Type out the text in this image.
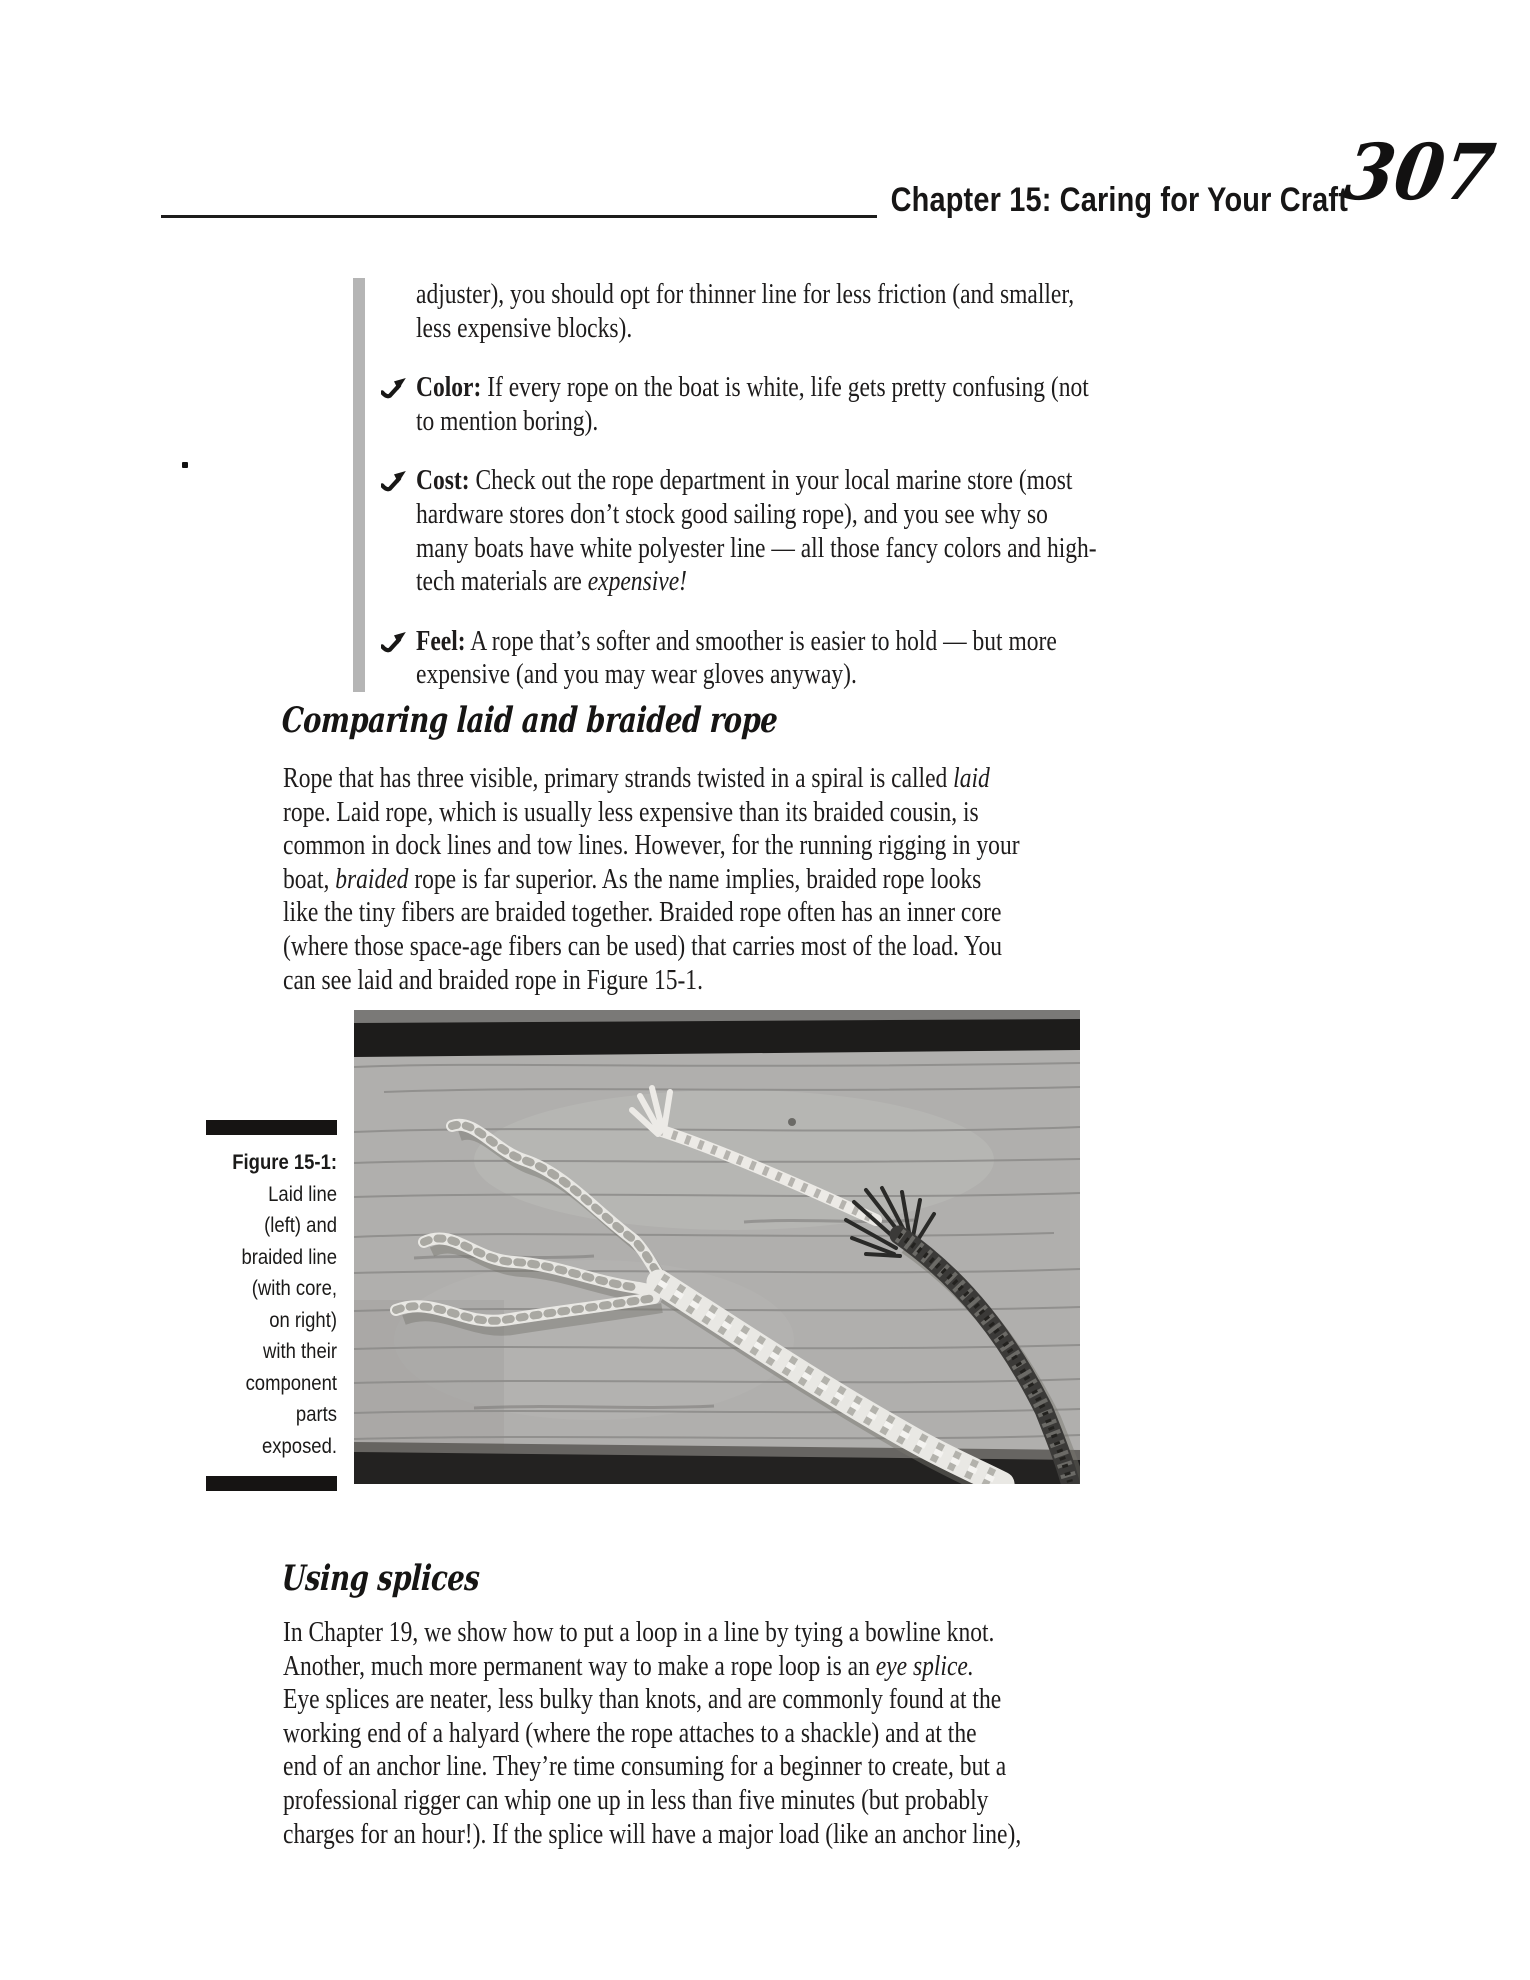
Chapter 15: Caring for Your Craft
307
adjuster), you should opt for thinner line for less friction (and smaller,
less expensive blocks).
Color: If every rope on the boat is white, life gets pretty confusing (not
to mention boring).
Cost: Check out the rope department in your local marine store (most
hardware stores don’t stock good sailing rope), and you see why so
many boats have white polyester line — all those fancy colors and high-
tech materials are expensive!
Feel: A rope that’s softer and smoother is easier to hold — but more
expensive (and you may wear gloves anyway).
Comparing laid and braided rope
Rope that has three visible, primary strands twisted in a spiral is called laid
rope. Laid rope, which is usually less expensive than its braided cousin, is
common in dock lines and tow lines. However, for the running rigging in your
boat, braided rope is far superior. As the name implies, braided rope looks
like the tiny fibers are braided together. Braided rope often has an inner core
(where those space-age fibers can be used) that carries most of the load. You
can see laid and braided rope in Figure 15-1.
Figure 15-1:
Laid line
(left) and
braided line
(with core,
on right)
with their
component
parts
exposed.
Using splices
In Chapter 19, we show how to put a loop in a line by tying a bowline knot.
Another, much more permanent way to make a rope loop is an eye splice.
Eye splices are neater, less bulky than knots, and are commonly found at the
working end of a halyard (where the rope attaches to a shackle) and at the
end of an anchor line. They’re time consuming for a beginner to create, but a
professional rigger can whip one up in less than five minutes (but probably
charges for an hour!). If the splice will have a major load (like an anchor line),
